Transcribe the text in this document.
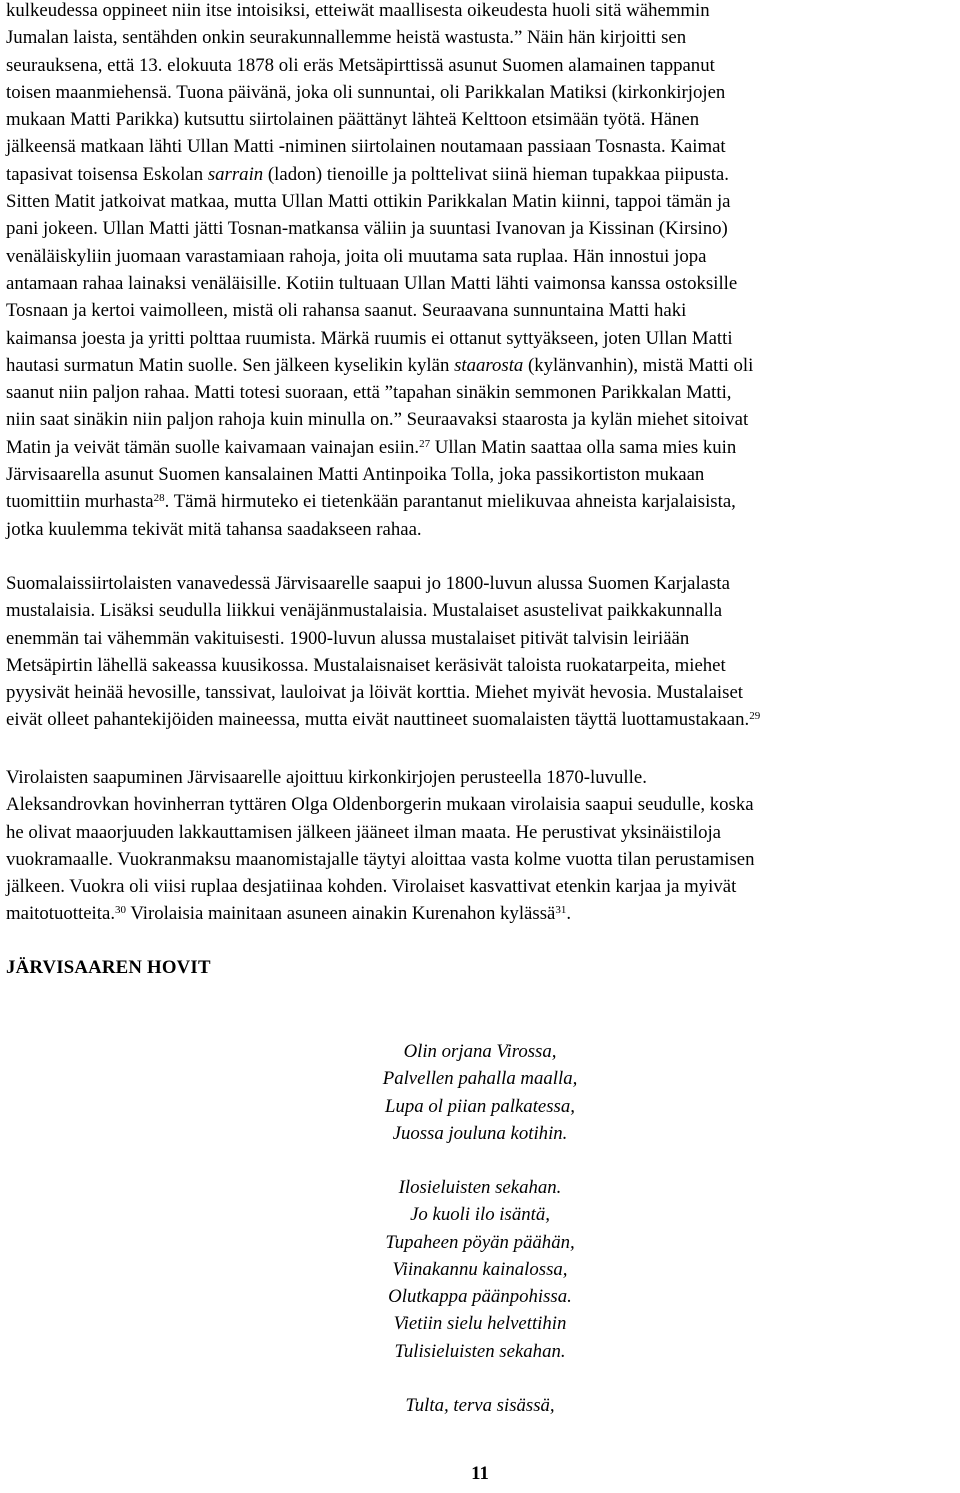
kulkeudessa oppineet niin itse intoisiksi, etteiwät maallisesta oikeudesta huoli sitä wähemmin
Jumalan laista, sentähden onkin seurakunnallemme heistä wastusta.” Näin hän kirjoitti sen
seurauksena, että 13. elokuuta 1878 oli eräs Metsäpirttissä asunut Suomen alamainen tappanut
toisen maanmiehensä. Tuona päivänä, joka oli sunnuntai, oli Parikkalan Matiksi (kirkonkirjojen
mukaan Matti Parikka) kutsuttu siirtolainen päättänyt lähteä Kelttoon etsimään työtä. Hänen
jälkeensä matkaan lähti Ullan Matti -niminen siirtolainen noutamaan passiaan Tosnasta. Kaimat
tapasivat toisensa Eskolan sarrain (ladon) tienoille ja polttelivat siinä hieman tupakkaa piipusta.
Sitten Matit jatkoivat matkaa, mutta Ullan Matti ottikin Parikkalan Matin kiinni, tappoi tämän ja
pani jokeen. Ullan Matti jätti Tosnan-matkansa väliin ja suuntasi Ivanovan ja Kissinan (Kirsino)
venäläiskyliin juomaan varastamiaan rahoja, joita oli muutama sata ruplaa. Hän innostui jopa
antamaan rahaa lainaksi venäläisille. Kotiin tultuaan Ullan Matti lähti vaimonsa kanssa ostoksille
Tosnaan ja kertoi vaimolleen, mistä oli rahansa saanut. Seuraavana sunnuntaina Matti haki
kaimansa joesta ja yritti polttaa ruumista. Märkä ruumis ei ottanut syttyäkseen, joten Ullan Matti
hautasi surmatun Matin suolle. Sen jälkeen kyselikin kylän staarosta (kylänvanhin), mistä Matti oli
saanut niin paljon rahaa. Matti totesi suoraan, että ”tapahan sinäkin semmonen Parikkalan Matti,
niin saat sinäkin niin paljon rahoja kuin minulla on.” Seuraavaksi staarosta ja kylän miehet sitoivat
Matin ja veivät tämän suolle kaivamaan vainajan esiin.$^{27}$ Ullan Matin saattaa olla sama mies kuin
Järvisaarella asunut Suomen kansalainen Matti Antinpoika Tolla, joka passikortiston mukaan
tuomittiin murhasta$^{28}$. Tämä hirmuteko ei tietenkään parantanut mielikuvaa ahneista karjalaisista,
jotka kuulemma tekivät mitä tahansa saadakseen rahaa.
Suomalaissiirtolaisten vanavedessä Järvisaarelle saapui jo 1800-luvun alussa Suomen Karjalasta
mustalaisia. Lisäksi seudulla liikkui venäjänmustalaisia. Mustalaiset asustelivat paikkakunnalla
enemmän tai vähemmän vakituisesti. 1900-luvun alussa mustalaiset pitivät talvisin leiriään
Metsäpirtin lähellä sakeassa kuusikossa. Mustalaisnaiset keräsivät taloista ruokatarpeita, miehet
pyysivät heinää hevosille, tanssivat, lauloivat ja löivät korttia. Miehet myivät hevosia. Mustalaiset
eivät olleet pahantekijöiden maineessa, mutta eivät nauttineet suomalaisten täyttä luottamustakaan.$^{29}$
Virolaisten saapuminen Järvisaarelle ajoittuu kirkonkirjojen perusteella 1870-luvulle.
Aleksandrovkan hovinherran tyttären Olga Oldenborgerin mukaan virolaisia saapui seudulle, koska
he olivat maaorjuuden lakkauttamisen jälkeen jääneet ilman maata. He perustivat yksinäistiloja
vuokramaalle. Vuokranmaksu maanomistajalle täytyi aloittaa vasta kolme vuotta tilan perustamisen
jälkeen. Vuokra oli viisi ruplaa desjatiinaa kohden. Virolaiset kasvattivat etenkin karjaa ja myivät
maitotuotteita.$^{30}$ Virolaisia mainitaan asuneen ainakin Kurenahon kylässä$^{31}$.
JÄRVISAAREN HOVIT
Olin orjana Virossa,
Palvellen pahalla maalla,
Lupa ol piian palkatessa,
Juossa jouluna kotihin.
Ilosieluisten sekahan.
Jo kuoli ilo isäntä,
Tupaheen pöyän päähän,
Viinakannu kainalossa,
Olutkappa päänpohissa.
Vietiin sielu helvettihin
Tulisieluisten sekahan.
Tulta, terva sisässä,
11
